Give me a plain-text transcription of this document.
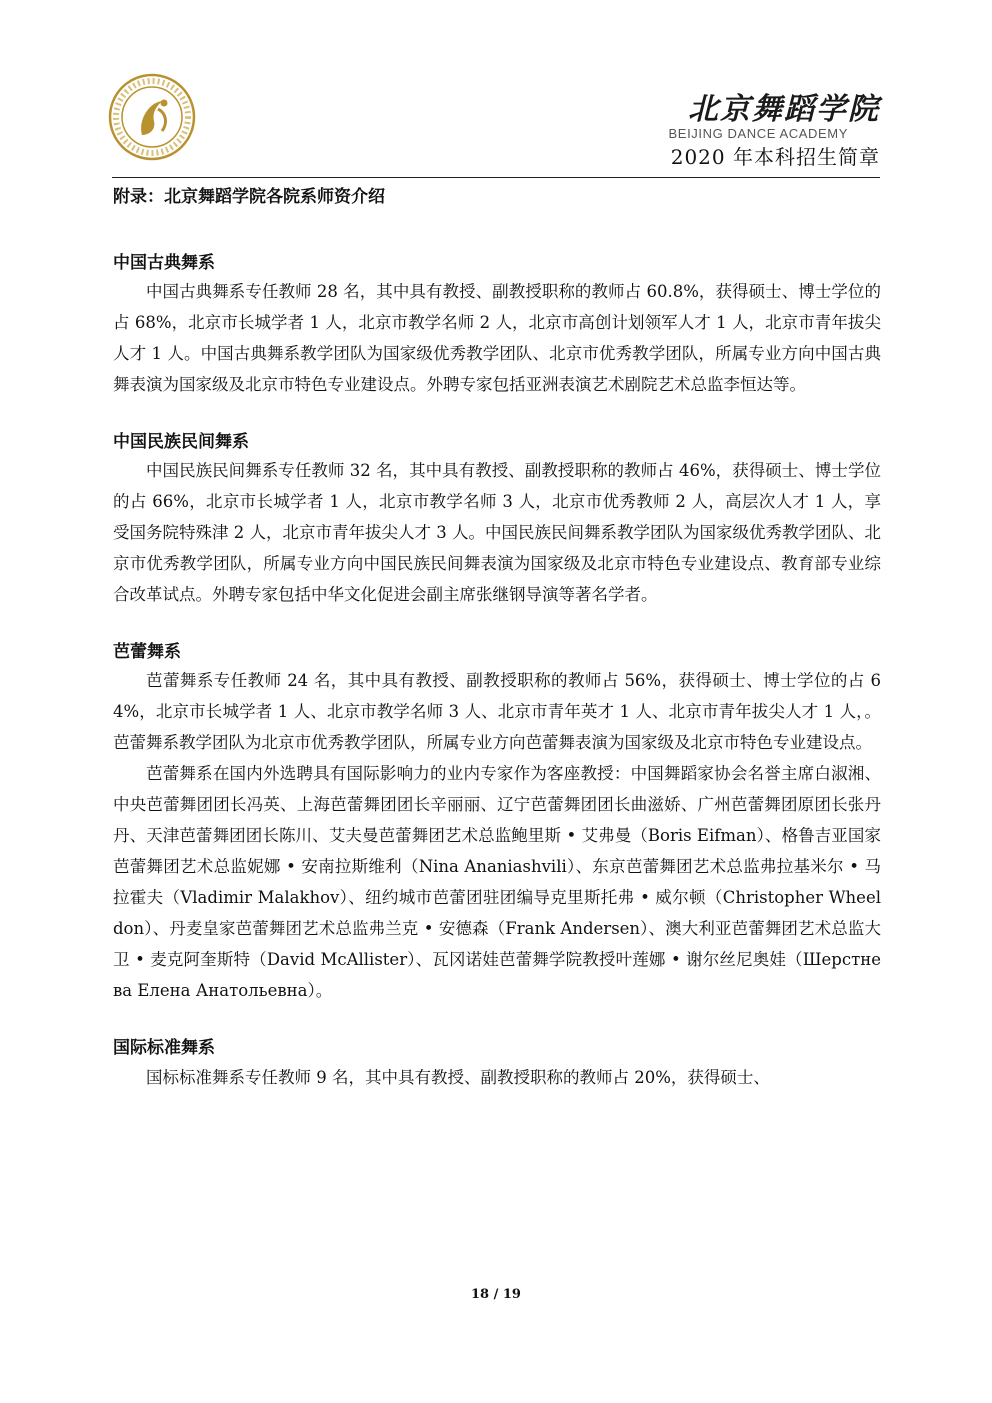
北京舞蹈学院
BEIJING DANCE ACADEMY
2020 年本科招生简章
附录：北京舞蹈学院各院系师资介绍
中国古典舞系

中国古典舞系专任教师 28 名，其中具有教授、副教授职称的教师占 60.8%，获得硕士、博士学位的占 68%，北京市长城学者 1 人，北京市教学名师 2 人，北京市高创计划领军人才 1 人，北京市青年拔尖人才 1 人。中国古典舞系教学团队为国家级优秀教学团队、北京市优秀教学团队，所属专业方向中国古典舞表演为国家级及北京市特色专业建设点。外聘专家包括亚洲表演艺术剧院艺术总监李恒达等。

中国民族民间舞系

中国民族民间舞系专任教师 32 名，其中具有教授、副教授职称的教师占 46%，获得硕士、博士学位的占 66%，北京市长城学者 1 人，北京市教学名师 3 人，北京市优秀教师 2 人，高层次人才 1 人，享受国务院特殊津 2 人，北京市青年拔尖人才 3 人。中国民族民间舞系教学团队为国家级优秀教学团队、北京市优秀教学团队，所属专业方向中国民族民间舞表演为国家级及北京市特色专业建设点、教育部专业综合改革试点。外聘专家包括中华文化促进会副主席张继钢导演等著名学者。

芭蕾舞系

芭蕾舞系专任教师 24 名，其中具有教授、副教授职称的教师占 56%，获得硕士、博士学位的占 64%，北京市长城学者 1 人、北京市教学名师 3 人、北京市青年英才 1 人、北京市青年拔尖人才 1 人，。芭蕾舞系教学团队为北京市优秀教学团队，所属专业方向芭蕾舞表演为国家级及北京市特色专业建设点。

芭蕾舞系在国内外选聘具有国际影响力的业内专家作为客座教授：中国舞蹈家协会名誉主席白淑湘、中央芭蕾舞团团长冯英、上海芭蕾舞团团长辛丽丽、辽宁芭蕾舞团团长曲滋娇、广州芭蕾舞团原团长张丹丹、天津芭蕾舞团团长陈川、艾夫曼芭蕾舞团艺术总监鲍里斯 • 艾弗曼（Boris Eifman）、格鲁吉亚国家芭蕾舞团艺术总监妮娜 • 安南拉斯维利（Nina Ananiashvili）、东京芭蕾舞团艺术总监弗拉基米尔 • 马拉霍夫（Vladimir Malakhov）、纽约城市芭蕾团驻团编导克里斯托弗 • 威尔顿（Christopher Wheeldon）、丹麦皇家芭蕾舞团艺术总监弗兰克 • 安德森（Frank Andersen）、澳大利亚芭蕾舞团艺术总监大卫 • 麦克阿奎斯特（David McAllister）、瓦冈诺娃芭蕾舞学院教授叶莲娜 • 谢尔丝尼奥娃（Шерстнева Елена Анатольевна）。

国际标准舞系

国标标准舞系专任教师 9 名，其中具有教授、副教授职称的教师占 20%，获得硕士、

18 / 19
